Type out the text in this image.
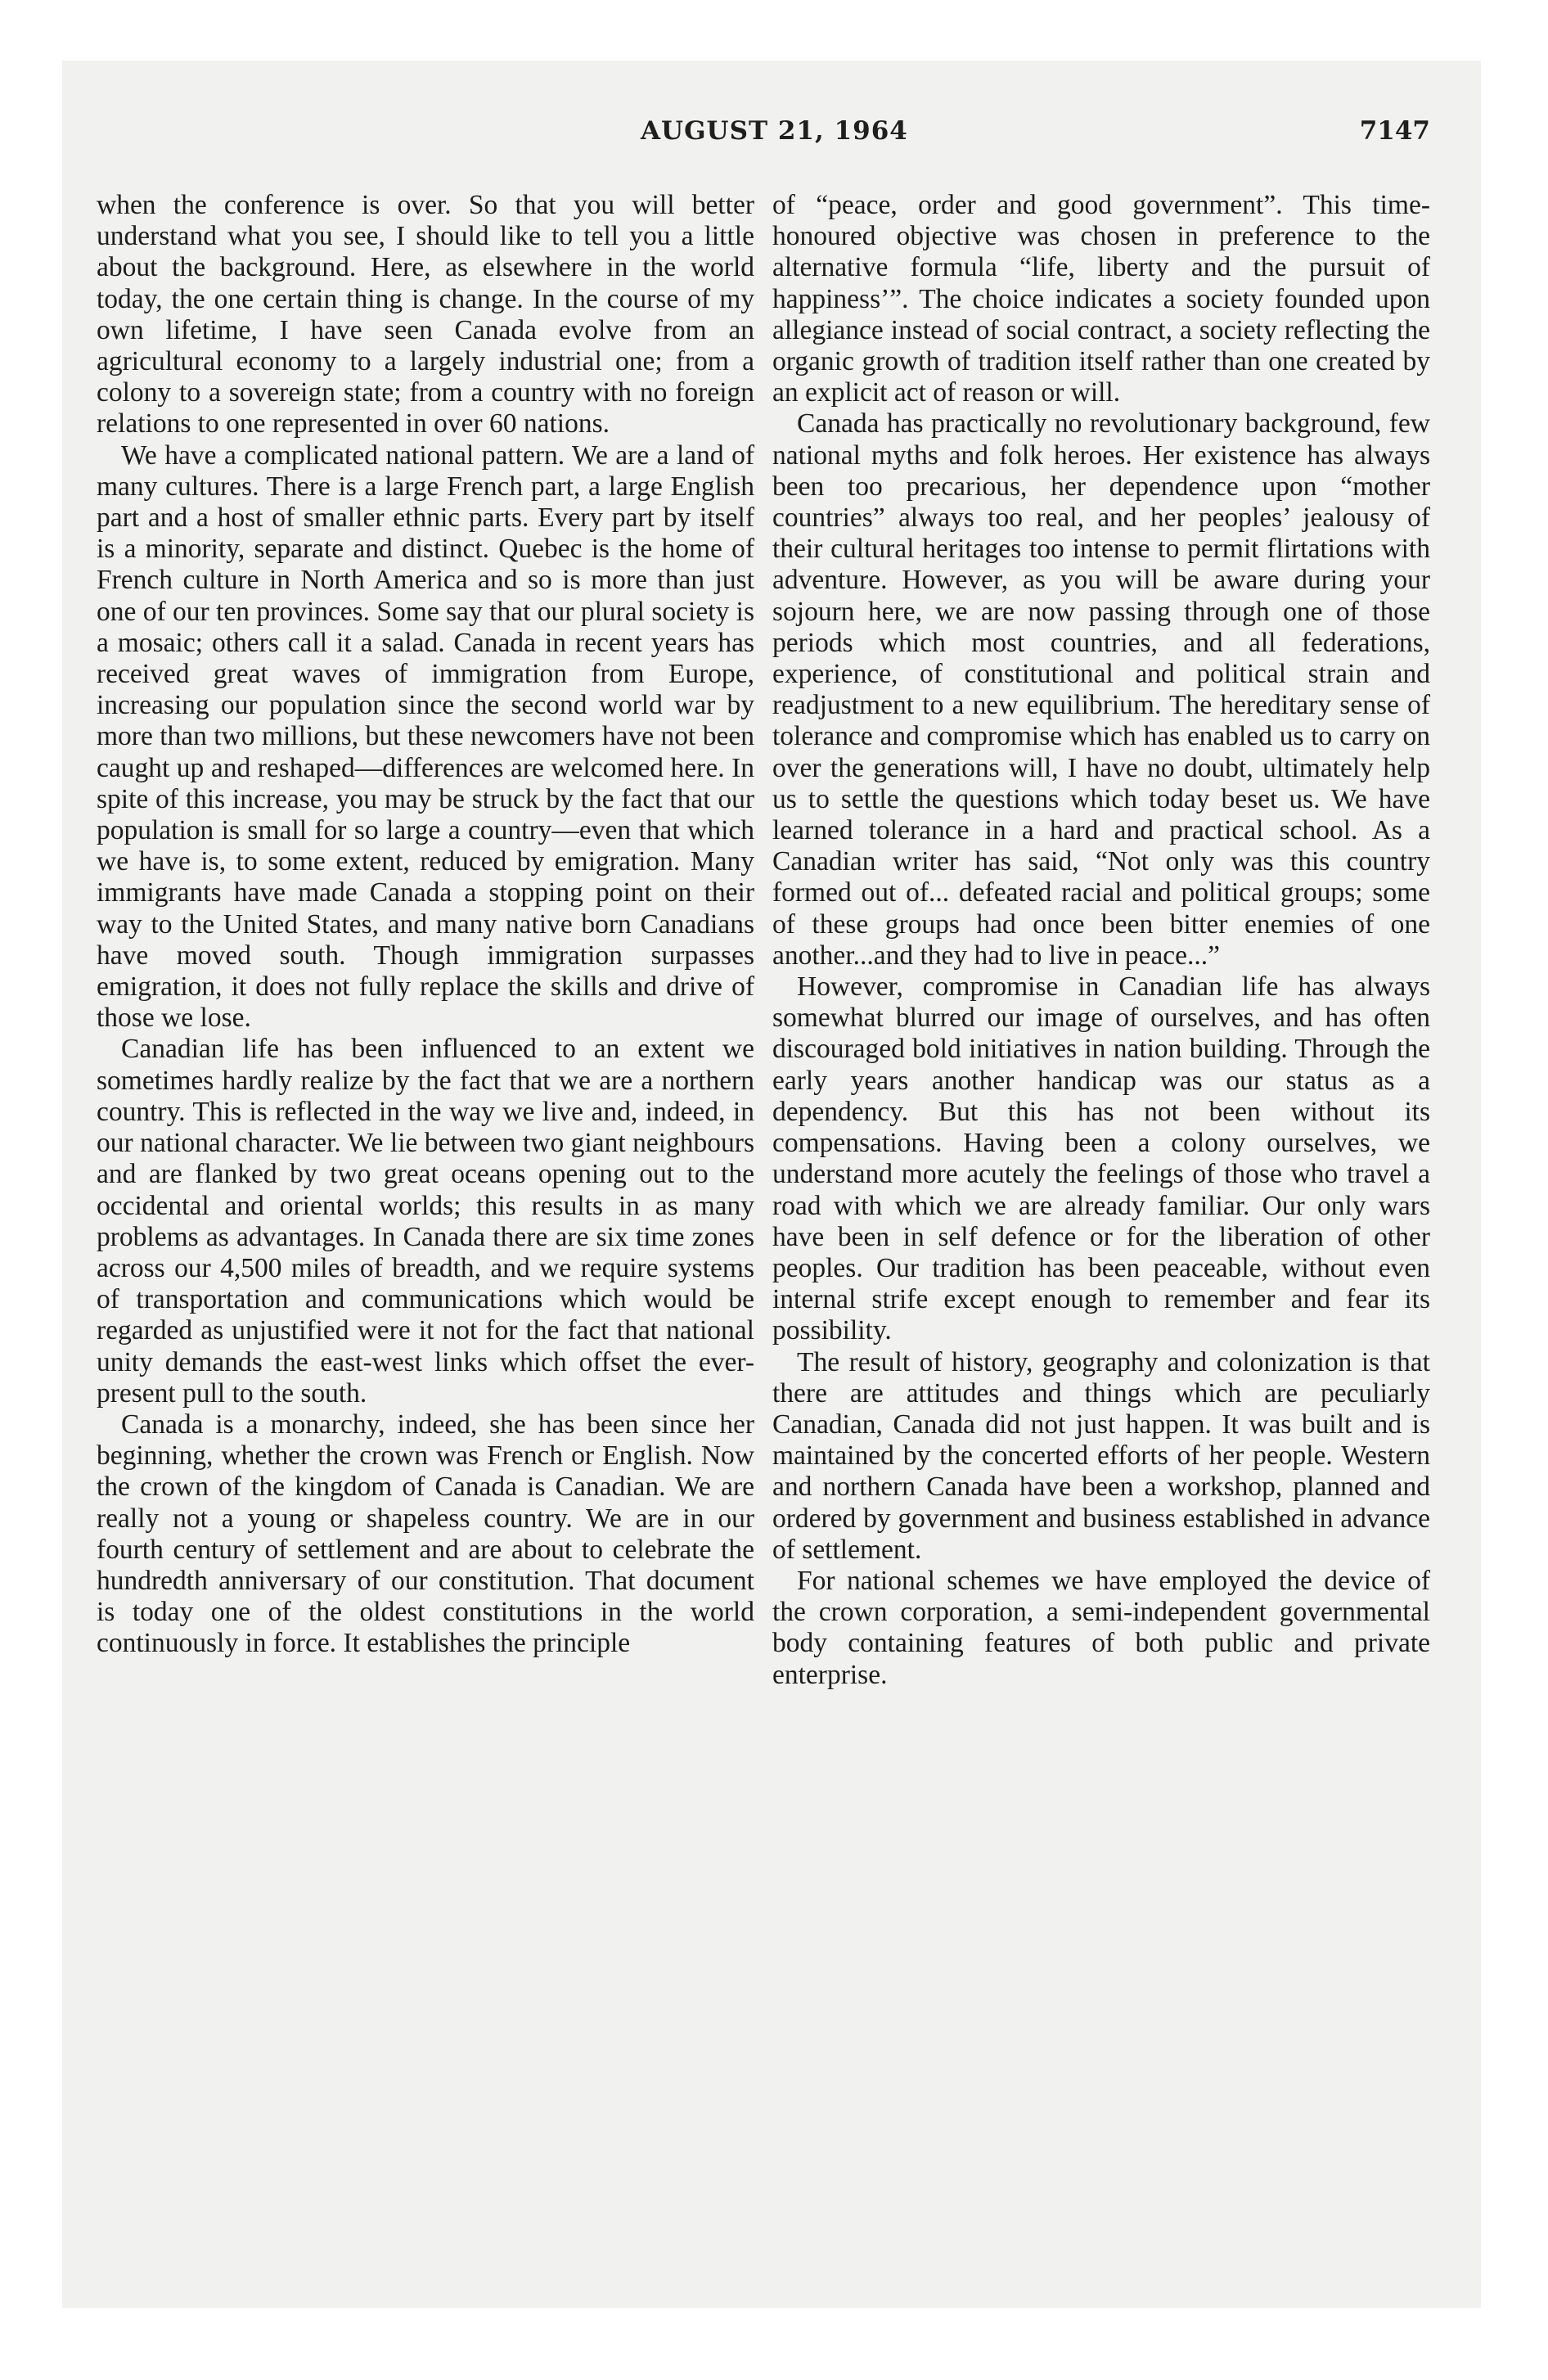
AUGUST 21, 1964	7147

when the conference is over. So that you will better understand what you see, I should like to tell you a little about the background. Here, as elsewhere in the world today, the one certain thing is change. In the course of my own lifetime, I have seen Canada evolve from an agricultural economy to a largely industrial one; from a colony to a sovereign state; from a country with no foreign relations to one represented in over 60 nations.

We have a complicated national pattern. We are a land of many cultures. There is a large French part, a large English part and a host of smaller ethnic parts. Every part by itself is a minority, separate and distinct. Quebec is the home of French culture in North America and so is more than just one of our ten provinces. Some say that our plural society is a mosaic; others call it a salad. Canada in recent years has received great waves of immigration from Europe, increasing our population since the second world war by more than two millions, but these newcomers have not been caught up and reshaped—differences are welcomed here. In spite of this increase, you may be struck by the fact that our population is small for so large a country—even that which we have is, to some extent, reduced by emigration. Many immigrants have made Canada a stopping point on their way to the United States, and many native born Canadians have moved south. Though immigration surpasses emigration, it does not fully replace the skills and drive of those we lose.

Canadian life has been influenced to an extent we sometimes hardly realize by the fact that we are a northern country. This is reflected in the way we live and, indeed, in our national character. We lie between two giant neighbours and are flanked by two great oceans opening out to the occidental and oriental worlds; this results in as many problems as advantages. In Canada there are six time zones across our 4,500 miles of breadth, and we require systems of transportation and communications which would be regarded as unjustified were it not for the fact that national unity demands the east-west links which offset the ever-present pull to the south.

Canada is a monarchy, indeed, she has been since her beginning, whether the crown was French or English. Now the crown of the kingdom of Canada is Canadian. We are really not a young or shapeless country. We are in our fourth century of settlement and are about to celebrate the hundredth anniversary of our constitution. That document is today one of the oldest constitutions in the world continuously in force. It establishes the principle

of “peace, order and good government”. This time-honoured objective was chosen in preference to the alternative formula “life, liberty and the pursuit of happiness’”. The choice indicates a society founded upon allegiance instead of social contract, a society reflecting the organic growth of tradition itself rather than one created by an explicit act of reason or will.

Canada has practically no revolutionary background, few national myths and folk heroes. Her existence has always been too precarious, her dependence upon “mother countries” always too real, and her peoples’ jealousy of their cultural heritages too intense to permit flirtations with adventure. However, as you will be aware during your sojourn here, we are now passing through one of those periods which most countries, and all federations, experience, of constitutional and political strain and readjustment to a new equilibrium. The hereditary sense of tolerance and compromise which has enabled us to carry on over the generations will, I have no doubt, ultimately help us to settle the questions which today beset us. We have learned tolerance in a hard and practical school. As a Canadian writer has said, “Not only was this country formed out of... defeated racial and political groups; some of these groups had once been bitter enemies of one another...and they had to live in peace...”

However, compromise in Canadian life has always somewhat blurred our image of ourselves, and has often discouraged bold initiatives in nation building. Through the early years another handicap was our status as a dependency. But this has not been without its compensations. Having been a colony ourselves, we understand more acutely the feelings of those who travel a road with which we are already familiar. Our only wars have been in self defence or for the liberation of other peoples. Our tradition has been peaceable, without even internal strife except enough to remember and fear its possibility.

The result of history, geography and colonization is that there are attitudes and things which are peculiarly Canadian, Canada did not just happen. It was built and is maintained by the concerted efforts of her people. Western and northern Canada have been a workshop, planned and ordered by government and business established in advance of settlement.

For national schemes we have employed the device of the crown corporation, a semi-independent governmental body containing features of both public and private enterprise.
